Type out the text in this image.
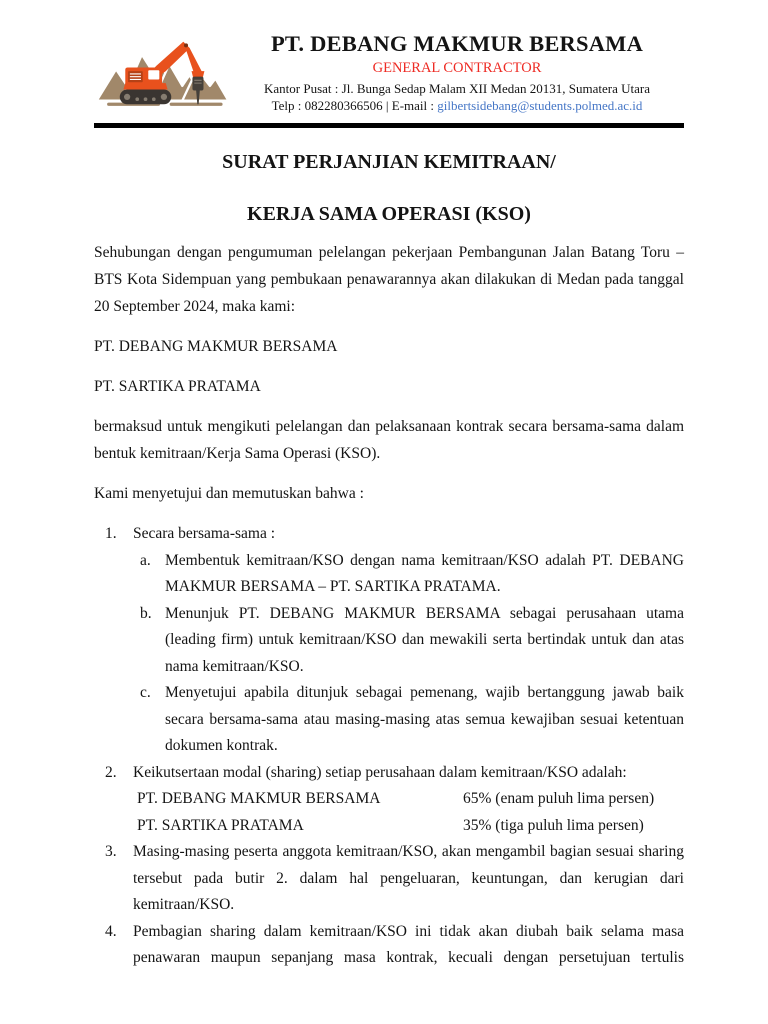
PT. DEBANG MAKMUR BERSAMA
GENERAL CONTRACTOR
Kantor Pusat : Jl. Bunga Sedap Malam XII Medan 20131, Sumatera Utara
Telp : 082280366506 | E-mail : gilbertsidebang@students.polmed.ac.id
SURAT PERJANJIAN KEMITRAAN/
KERJA SAMA OPERASI (KSO)

Sehubungan dengan pengumuman pelelangan pekerjaan Pembangunan Jalan Batang Toru – BTS Kota Sidempuan yang pembukaan penawarannya akan dilakukan di Medan pada tanggal 20 September 2024, maka kami:

PT. DEBANG MAKMUR BERSAMA

PT. SARTIKA PRATAMA

bermaksud untuk mengikuti pelelangan dan pelaksanaan kontrak secara bersama-sama dalam bentuk kemitraan/Kerja Sama Operasi (KSO).

Kami menyetujui dan memutuskan bahwa :

1.	Secara bersama-sama :

a. Membentuk kemitraan/KSO dengan nama kemitraan/KSO adalah PT. DEBANG MAKMUR BERSAMA – PT. SARTIKA PRATAMA.

b. Menunjuk PT. DEBANG MAKMUR BERSAMA sebagai perusahaan utama (leading firm) untuk kemitraan/KSO dan mewakili serta bertindak untuk dan atas nama kemitraan/KSO.

c. Menyetujui apabila ditunjuk sebagai pemenang, wajib bertanggung jawab baik secara bersama-sama atau masing-masing atas semua kewajiban sesuai ketentuan dokumen kontrak.

2.	Keikutsertaan modal (sharing) setiap perusahaan dalam kemitraan/KSO adalah:

PT. DEBANG MAKMUR BERSAMA	65% (enam puluh lima persen)
PT. SARTIKA PRATAMA	35% (tiga puluh lima persen)
3.	Masing-masing peserta anggota kemitraan/KSO, akan mengambil bagian sesuai sharing tersebut pada butir 2. dalam hal pengeluaran, keuntungan, dan kerugian dari kemitraan/KSO.

4.	Pembagian sharing dalam kemitraan/KSO ini tidak akan diubah baik selama masa penawaran maupun sepanjang masa kontrak, kecuali dengan persetujuan tertulis
